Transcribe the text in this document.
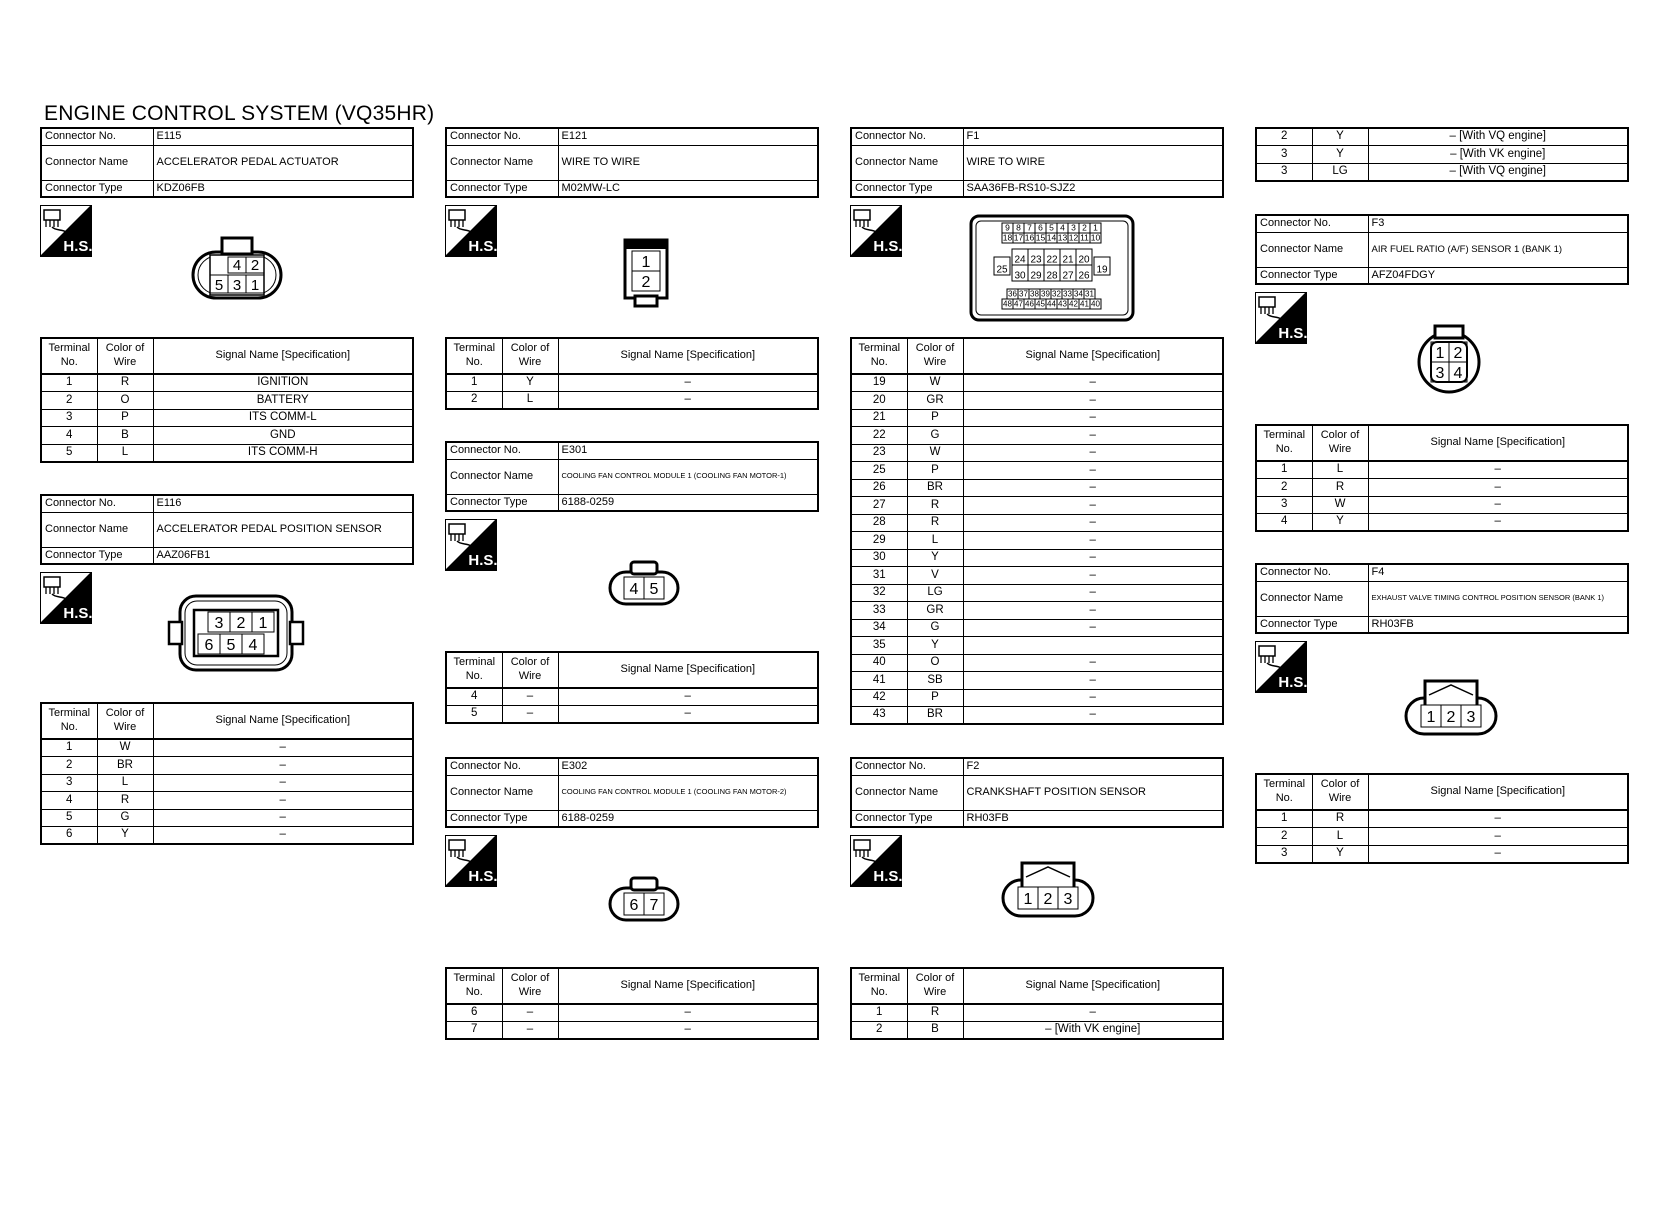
ENGINE CONTROL SYSTEM (VQ35HR)
Connector No.	E115
Connector Name	ACCELERATOR PEDAL ACTUATOR
Connector Type	KDZ06FB
4 2
5 3 1
Terminal No.	Color of Wire	Signal Name [Specification]
1	R	IGNITION
2	O	BATTERY
3	P	ITS COMM-L
4	B	GND
5	L	ITS COMM-H
Connector No.	E116
Connector Name	ACCELERATOR PEDAL POSITION SENSOR
Connector Type	AAZ06FB1
3 2 1
6 5 4
Terminal No.	Color of Wire	Signal Name [Specification]
1	W	–
2	BR	–
3	L	–
4	R	–
5	G	–
6	Y	–
Connector No.	E121
Connector Name	WIRE TO WIRE
Connector Type	M02MW-LC
1
2
Terminal No.	Color of Wire	Signal Name [Specification]
1	Y	–
2	L	–
Connector No.	E301
Connector Name	COOLING FAN CONTROL MODULE 1 (COOLING FAN MOTOR-1)
Connector Type	6188-0259
4 5
Terminal No.	Color of Wire	Signal Name [Specification]
4	–	–
5	–	–
Connector No.	E302
Connector Name	COOLING FAN CONTROL MODULE 1 (COOLING FAN MOTOR-2)
Connector Type	6188-0259
6 7
Terminal No.	Color of Wire	Signal Name [Specification]
6	–	–
7	–	–
Connector No.	F1
Connector Name	WIRE TO WIRE
Connector Type	SAA36FB-RS10-SJZ2
9 8 7 6 5 4 3 2 1
18 17 16 15 14 13 12 11 10
25
24 23 22 21 20
19
30 29 28 27 26
36 37 38 39 32 33 34 31
48 47 46 45 44 43 42 41 40
Terminal No.	Color of Wire	Signal Name [Specification]
19	W	–
20	GR	–
21	P	–
22	G	–
23	W	–
25	P	–
26	BR	–
27	R	–
28	R	–
29	L	–
30	Y	–
31	V	–
32	LG	–
33	GR	–
34	G	–
35	Y	
40	O	–
41	SB	–
42	P	–
43	BR	–
Connector No.	F2
Connector Name	CRANKSHAFT POSITION SENSOR
Connector Type	RH03FB
1 2 3
Terminal No.	Color of Wire	Signal Name [Specification]
1	R	–
2	B	– [With VK engine]
2	Y	– [With VQ engine]
3	Y	– [With VK engine]
3	LG	– [With VQ engine]
Connector No.	F3
Connector Name	AIR FUEL RATIO (A/F) SENSOR 1 (BANK 1)
Connector Type	AFZ04FDGY
1 2
3 4
Terminal No.	Color of Wire	Signal Name [Specification]
1	L	–
2	R	–
3	W	–
4	Y	–
Connector No.	F4
Connector Name	EXHAUST VALVE TIMING CONTROL POSITION SENSOR (BANK 1)
Connector Type	RH03FB
1 2 3
Terminal No.	Color of Wire	Signal Name [Specification]
1	R	–
2	L	–
3	Y	–
